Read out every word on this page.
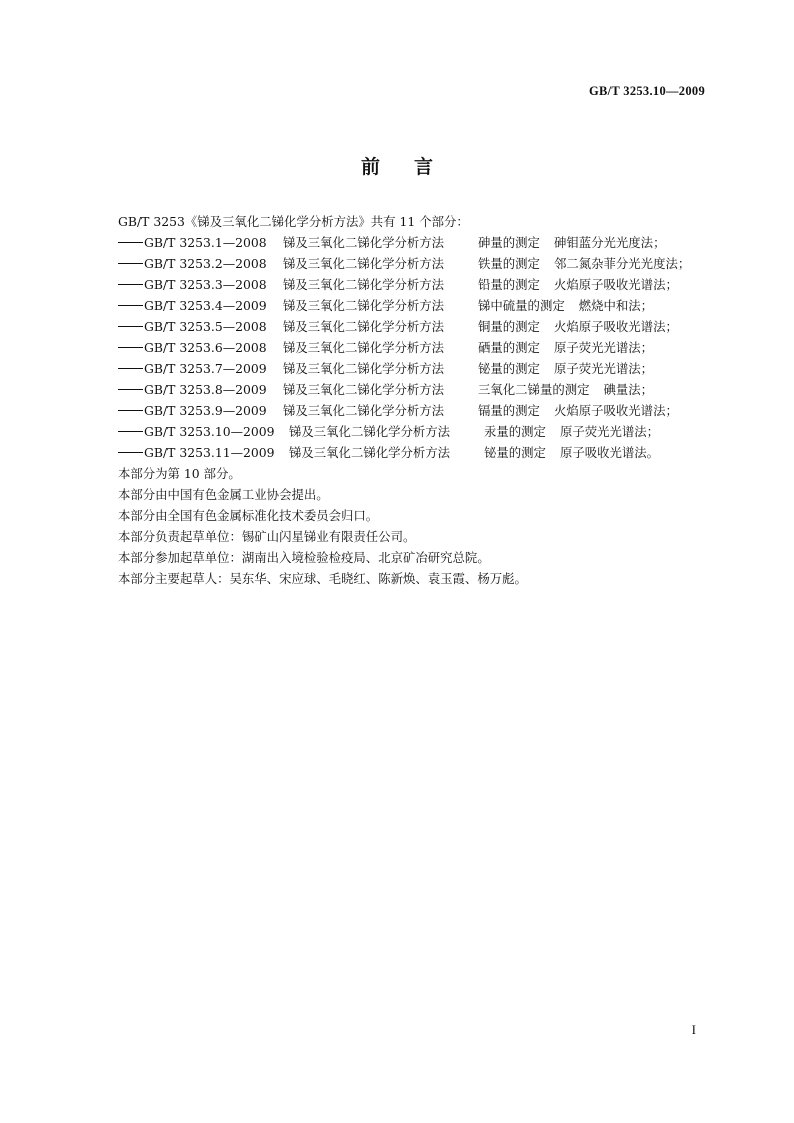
GB/T 3253.10—2009
前 言
GB/T 3253《锑及三氧化二锑化学分析方法》共有 11 个部分：
GB/T 3253.1—2008 锑及三氧化二锑化学分析方法	砷量的测定 砷钼蓝分光光度法；
GB/T 3253.2—2008 锑及三氧化二锑化学分析方法	铁量的测定 邻二氮杂菲分光光度法；
GB/T 3253.3—2008 锑及三氧化二锑化学分析方法	铅量的测定 火焰原子吸收光谱法；
GB/T 3253.4—2009 锑及三氧化二锑化学分析方法	锑中硫量的测定 燃烧中和法；
GB/T 3253.5—2008 锑及三氧化二锑化学分析方法	铜量的测定 火焰原子吸收光谱法；
GB/T 3253.6—2008 锑及三氧化二锑化学分析方法	硒量的测定 原子荧光光谱法；
GB/T 3253.7—2009 锑及三氧化二锑化学分析方法	铋量的测定 原子荧光光谱法；
GB/T 3253.8—2009 锑及三氧化二锑化学分析方法	三氧化二锑量的测定 碘量法；
GB/T 3253.9—2009 锑及三氧化二锑化学分析方法	镉量的测定 火焰原子吸收光谱法；
GB/T 3253.10—2009 锑及三氧化二锑化学分析方法	汞量的测定 原子荧光光谱法；
GB/T 3253.11—2009 锑及三氧化二锑化学分析方法	铋量的测定 原子吸收光谱法。
本部分为第 10 部分。
本部分由中国有色金属工业协会提出。
本部分由全国有色金属标准化技术委员会归口。
本部分负责起草单位：锡矿山闪星锑业有限责任公司。
本部分参加起草单位：湖南出入境检验检疫局、北京矿冶研究总院。
本部分主要起草人：吴东华、宋应球、毛晓红、陈新焕、袁玉霞、杨万彪。
I
